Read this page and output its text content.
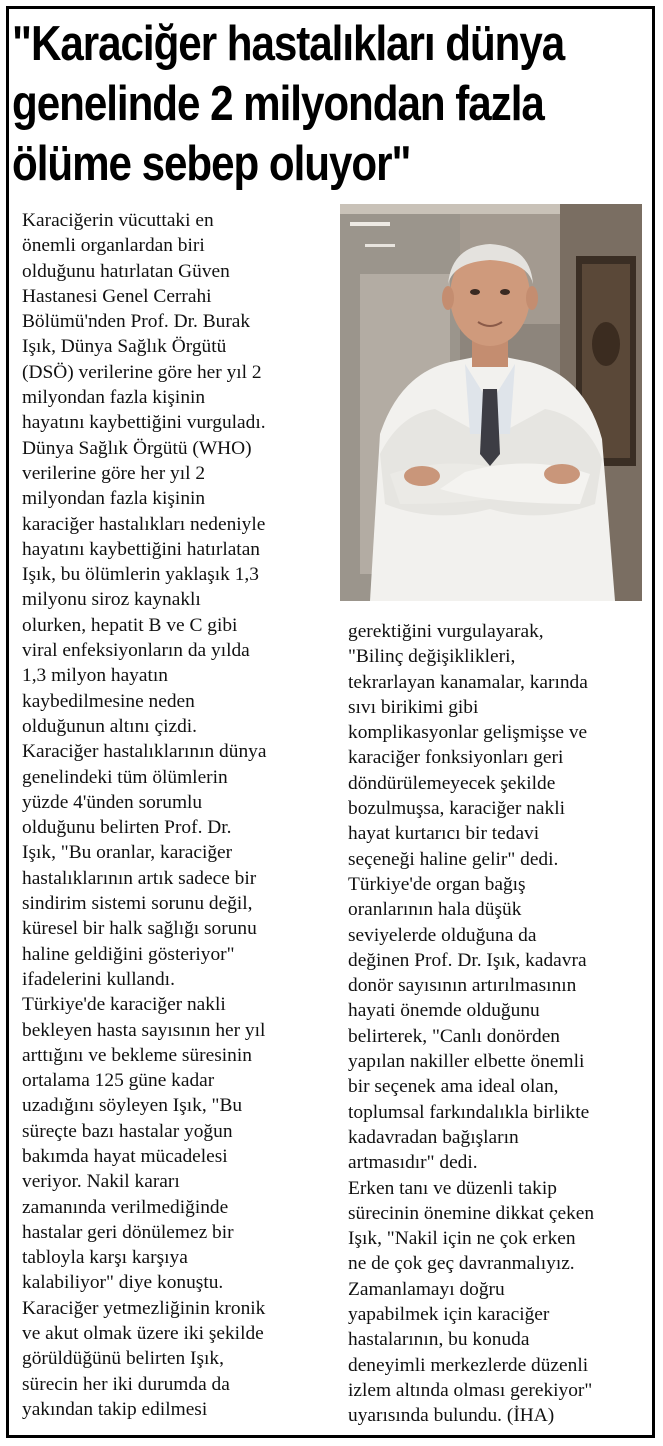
"Karaciğer hastalıkları dünya
genelinde 2 milyondan fazla
ölüme sebep oluyor"

Karaciğerin vücuttaki en

önemli organlardan biri

olduğunu hatırlatan Güven

Hastanesi Genel Cerrahi

Bölümü'nden Prof. Dr. Burak

Işık, Dünya Sağlık Örgütü

(DSÖ) verilerine göre her yıl 2

milyondan fazla kişinin

hayatını kaybettiğini vurguladı.

Dünya Sağlık Örgütü (WHO)

verilerine göre her yıl 2

milyondan fazla kişinin

karaciğer hastalıkları nedeniyle

hayatını kaybettiğini hatırlatan

Işık, bu ölümlerin yaklaşık 1,3

milyonu siroz kaynaklı

olurken, hepatit B ve C gibi

viral enfeksiyonların da yılda

1,3 milyon hayatın

kaybedilmesine neden

olduğunun altını çizdi.

Karaciğer hastalıklarının dünya

genelindeki tüm ölümlerin

yüzde 4'ünden sorumlu

olduğunu belirten Prof. Dr.

Işık, "Bu oranlar, karaciğer

hastalıklarının artık sadece bir

sindirim sistemi sorunu değil,

küresel bir halk sağlığı sorunu

haline geldiğini gösteriyor"

ifadelerini kullandı.

Türkiye'de karaciğer nakli

bekleyen hasta sayısının her yıl

arttığını ve bekleme süresinin

ortalama 125 güne kadar

uzadığını söyleyen Işık, "Bu

süreçte bazı hastalar yoğun

bakımda hayat mücadelesi

veriyor. Nakil kararı

zamanında verilmediğinde

hastalar geri dönülemez bir

tabloyla karşı karşıya

kalabiliyor" diye konuştu.

Karaciğer yetmezliğinin kronik

ve akut olmak üzere iki şekilde

görüldüğünü belirten Işık,

sürecin her iki durumda da

yakından takip edilmesi

gerektiğini vurgulayarak,

"Bilinç değişiklikleri,

tekrarlayan kanamalar, karında

sıvı birikimi gibi

komplikasyonlar gelişmişse ve

karaciğer fonksiyonları geri

döndürülemeyecek şekilde

bozulmuşsa, karaciğer nakli

hayat kurtarıcı bir tedavi

seçeneği haline gelir" dedi.

Türkiye'de organ bağış

oranlarının hala düşük

seviyelerde olduğuna da

değinen Prof. Dr. Işık, kadavra

donör sayısının artırılmasının

hayati önemde olduğunu

belirterek, "Canlı donörden

yapılan nakiller elbette önemli

bir seçenek ama ideal olan,

toplumsal farkındalıkla birlikte

kadavradan bağışların

artmasıdır" dedi.

Erken tanı ve düzenli takip

sürecinin önemine dikkat çeken

Işık, "Nakil için ne çok erken

ne de çok geç davranmalıyız.

Zamanlamayı doğru

yapabilmek için karaciğer

hastalarının, bu konuda

deneyimli merkezlerde düzenli

izlem altında olması gerekiyor"

uyarısında bulundu. (İHA)
